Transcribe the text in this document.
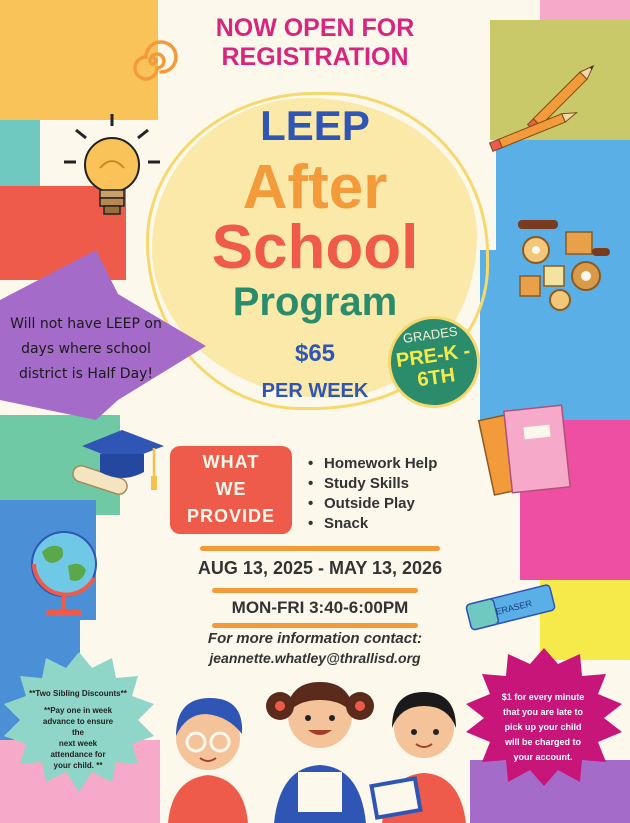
NOW OPEN FOR
REGISTRATION
LEEP
After
School
Program
$65
PER WEEK
GRADES
PRE-K -
6TH
Will not have LEEP on
days where school
district is Half Day!
WHAT
WE
PROVIDE
• Homework Help
• Study Skills
• Outside Play
• Snack
AUG 13, 2025 - MAY 13, 2026
MON-FRI 3:40-6:00PM
For more information contact:
jeannette.whatley@thrallisd.org
ERASER
**Two Sibling Discounts**
**Pay one in week
advance to ensure
the
next week
attendance for
your child. **
$1 for every minute
that you are late to
pick up your child
will be charged to
your account.
